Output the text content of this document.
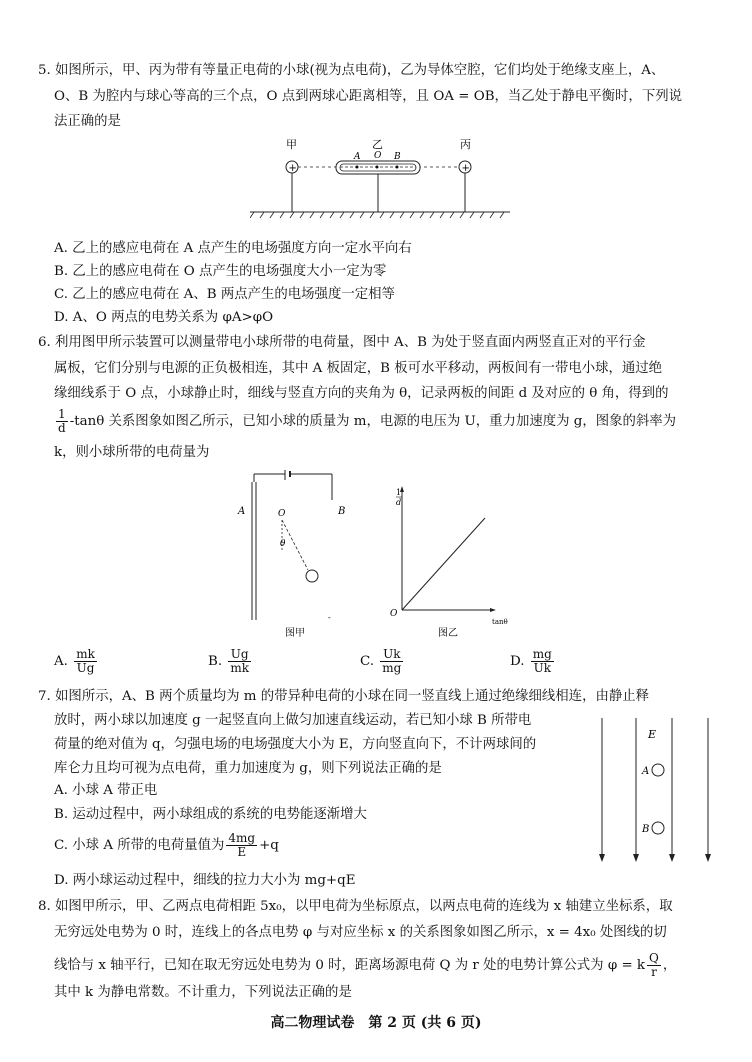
5. 如图所示，甲、丙为带有等量正电荷的小球(视为点电荷)，乙为导体空腔，它们均处于绝缘支座上，A、
O、B 为腔内与球心等高的三个点，O 点到两球心距离相等，且 OA = OB，当乙处于静电平衡时，下列说
法正确的是
甲	乙	丙
+	+
A O B
A. 乙上的感应电荷在 A 点产生的电场强度方向一定水平向右
B. 乙上的感应电荷在 O 点产生的电场强度大小一定为零
C. 乙上的感应电荷在 A、B 两点产生的电场强度一定相等
D. A、O 两点的电势关系为 φA>φO
6. 利用图甲所示装置可以测量带电小球所带的电荷量，图中 A、B 为处于竖直面内两竖直正对的平行金
属板，它们分别与电源的正负极相连，其中 A 板固定，B 板可水平移动，两板间有一带电小球，通过绝
缘细线系于 O 点，小球静止时，细线与竖直方向的夹角为 θ，记录两板的间距 d 及对应的 θ 角，得到的
$\frac{1}{d} -\tan\theta$ 关系图象如图乙所示，已知小球的质量为 m，电源的电压为 U，重力加速度为 g，图象的斜率为
k，则小球所带的电荷量为
A	B
O
θ
-
图甲
1
d
O
tanθ
图乙
A. $\frac{mk}{Ug}$	B. $\frac{Ug}{mk}$	C. $\frac{Uk}{mg}$	D. $\frac{mg}{Uk}$
7. 如图所示，A、B 两个质量均为 m 的带异种电荷的小球在同一竖直线上通过绝缘细线相连，由静止释
放时，两小球以加速度 g 一起竖直向上做匀加速直线运动，若已知小球 B 所带电
荷量的绝对值为 q，匀强电场的电场强度大小为 E，方向竖直向下，不计两球间的
库仑力且均可视为点电荷，重力加速度为 g，则下列说法正确的是
A. 小球 A 带正电
B. 运动过程中，两小球组成的系统的电势能逐渐增大
C. 小球 A 所带的电荷量值为 $\frac{4mg}{E} +q$
D. 两小球运动过程中，细线的拉力大小为 mg+qE
E
A
B
8. 如图甲所示，甲、乙两点电荷相距 5x₀，以甲电荷为坐标原点，以两点电荷的连线为 x 轴建立坐标系，取
无穷远处电势为 0 时，连线上的各点电势 φ 与对应坐标 x 的关系图象如图乙所示，x = 4x₀ 处图线的切
线恰与 x 轴平行，已知在取无穷远处电势为 0 时，距离场源电荷 Q 为 r 处的电势计算公式为 φ = k $\frac{Q}{r}$ ，
其中 k 为静电常数。不计重力，下列说法正确的是
高二物理试卷　第 2 页 (共 6 页)
